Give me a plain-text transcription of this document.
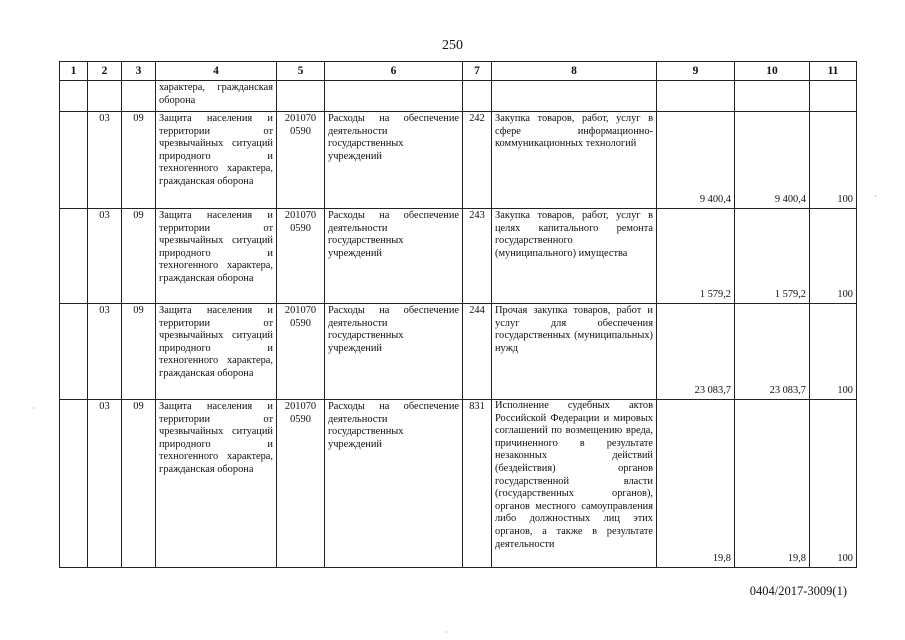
250
1	2	3	4	5	6	7	8	9	10	11
			характера, гражданская оборона							
	03	09	Защита населения и территории от чрезвычайных ситуаций природного и техногенного характера, гражданская оборона	201070 0590	Расходы на обеспечение деятельности государственных учреждений	242	Закупка товаров, работ, услуг в сфере информационно-коммуникационных технологий	9 400,4	9 400,4	100
	03	09	Защита населения и территории от чрезвычайных ситуаций природного и техногенного характера, гражданская оборона	201070 0590	Расходы на обеспечение деятельности государственных учреждений	243	Закупка товаров, работ, услуг в целях капитального ремонта государственного (муниципального) имущества	1 579,2	1 579,2	100
	03	09	Защита населения и территории от чрезвычайных ситуаций природного и техногенного характера, гражданская оборона	201070 0590	Расходы на обеспечение деятельности государственных учреждений	244	Прочая закупка товаров, работ и услуг для обеспечения государственных (муниципальных) нужд	23 083,7	23 083,7	100
	03	09	Защита населения и территории от чрезвычайных ситуаций природного и техногенного характера, гражданская оборона	201070 0590	Расходы на обеспечение деятельности государственных учреждений	831	Исполнение судебных актов Российской Федерации и мировых соглашений по возмещению вреда, причиненного в результате незаконных действий (бездействия) органов государственной власти (государственных органов), органов местного самоуправления либо должностных лиц этих органов, а также в результате деятельности	19,8	19,8	100
0404/2017-3009(1)
·
·
·
